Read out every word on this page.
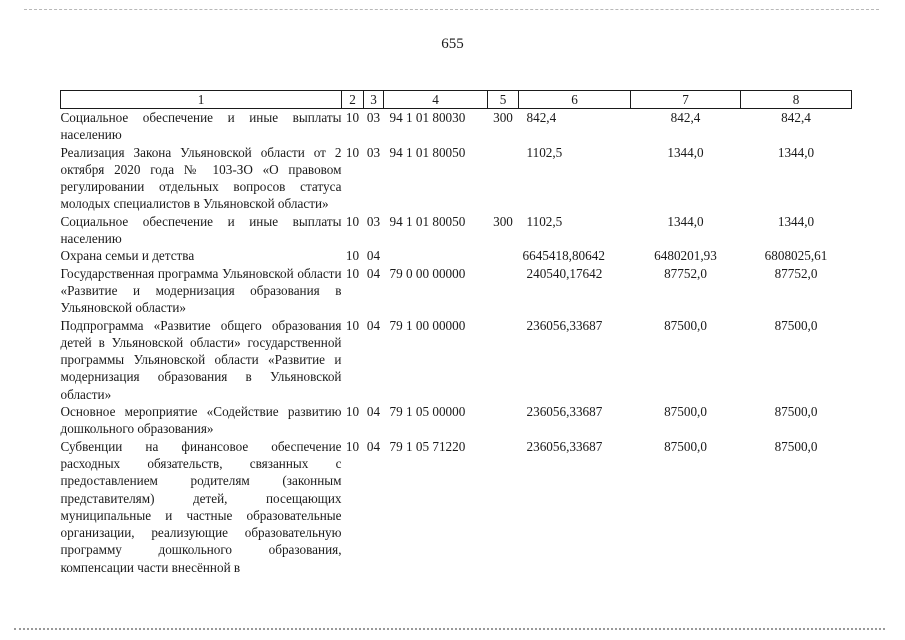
655
1	2	3	4	5	6	7	8
Социальное обеспечение и иные выплаты населению	10	03	94 1 01 80030	300	842,4	842,4	842,4
Реализация Закона Ульяновской области от 2 октября 2020 года № 103-ЗО «О правовом регулировании отдельных вопросов статуса молодых специалистов в Ульяновской области»	10	03	94 1 01 80050		1102,5	1344,0	1344,0
Социальное обеспечение и иные выплаты населению	10	03	94 1 01 80050	300	1102,5	1344,0	1344,0
Охрана семьи и детства	10	04			6645418,80642	6480201,93	6808025,61
Государственная программа Ульяновской области «Развитие и модернизация образования в Ульяновской области»	10	04	79 0 00 00000		240540,17642	87752,0	87752,0
Подпрограмма «Развитие общего образования детей в Ульяновской области» государственной программы Ульяновской области «Развитие и модернизация образования в Ульяновской области»	10	04	79 1 00 00000		236056,33687	87500,0	87500,0
Основное мероприятие «Содействие развитию дошкольного образования»	10	04	79 1 05 00000		236056,33687	87500,0	87500,0
Субвенции на финансовое обеспечение расходных обязательств, связанных с предоставлением родителям (законным представителям) детей, посещающих муниципальные и частные образовательные организации, реализующие образовательную программу дошкольного образования, компенсации части внесённой в	10	04	79 1 05 71220		236056,33687	87500,0	87500,0
